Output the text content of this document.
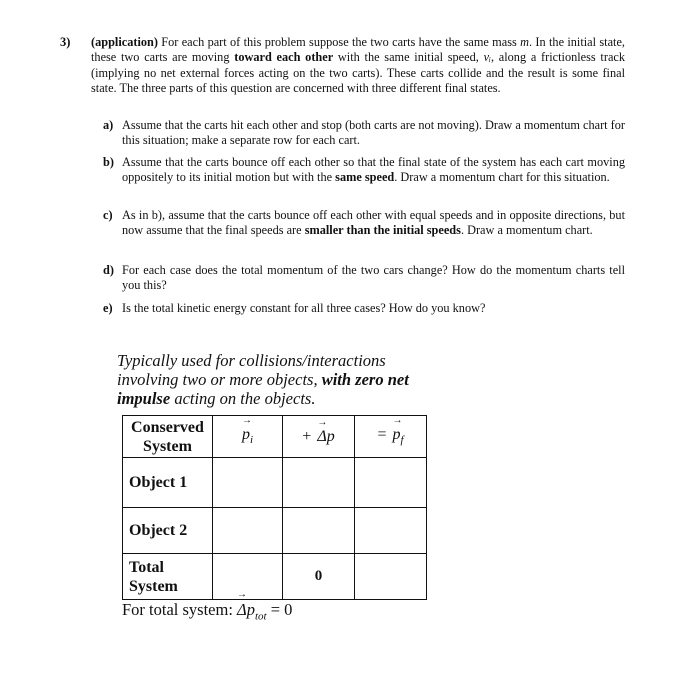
3) (application) For each part of this problem suppose the two carts have the same mass m. In the initial state, these two carts are moving toward each other with the same initial speed, vᵢ, along a frictionless track (implying no net external forces acting on the two carts). These carts collide and the result is some final state. The three parts of this question are concerned with three different final states.
a) Assume that the carts hit each other and stop (both carts are not moving). Draw a momentum chart for this situation; make a separate row for each cart.
b) Assume that the carts bounce off each other so that the final state of the system has each cart moving oppositely to its initial motion but with the same speed. Draw a momentum chart for this situation.
c) As in b), assume that the carts bounce off each other with equal speeds and in opposite directions, but now assume that the final speeds are smaller than the initial speeds. Draw a momentum chart.
d) For each case does the total momentum of the two cars change? How do the momentum charts tell you this?
e) Is the total kinetic energy constant for all three cases? How do you know?
Typically used for collisions/interactions involving two or more objects, with zero net impulse acting on the objects.
Conserved
System	→ $p_i$	+ → Δp	= → $p_f$
Object 1			
Object 2			

Total
System		0	
For total system: → $\Delta p_{tot} = 0$
